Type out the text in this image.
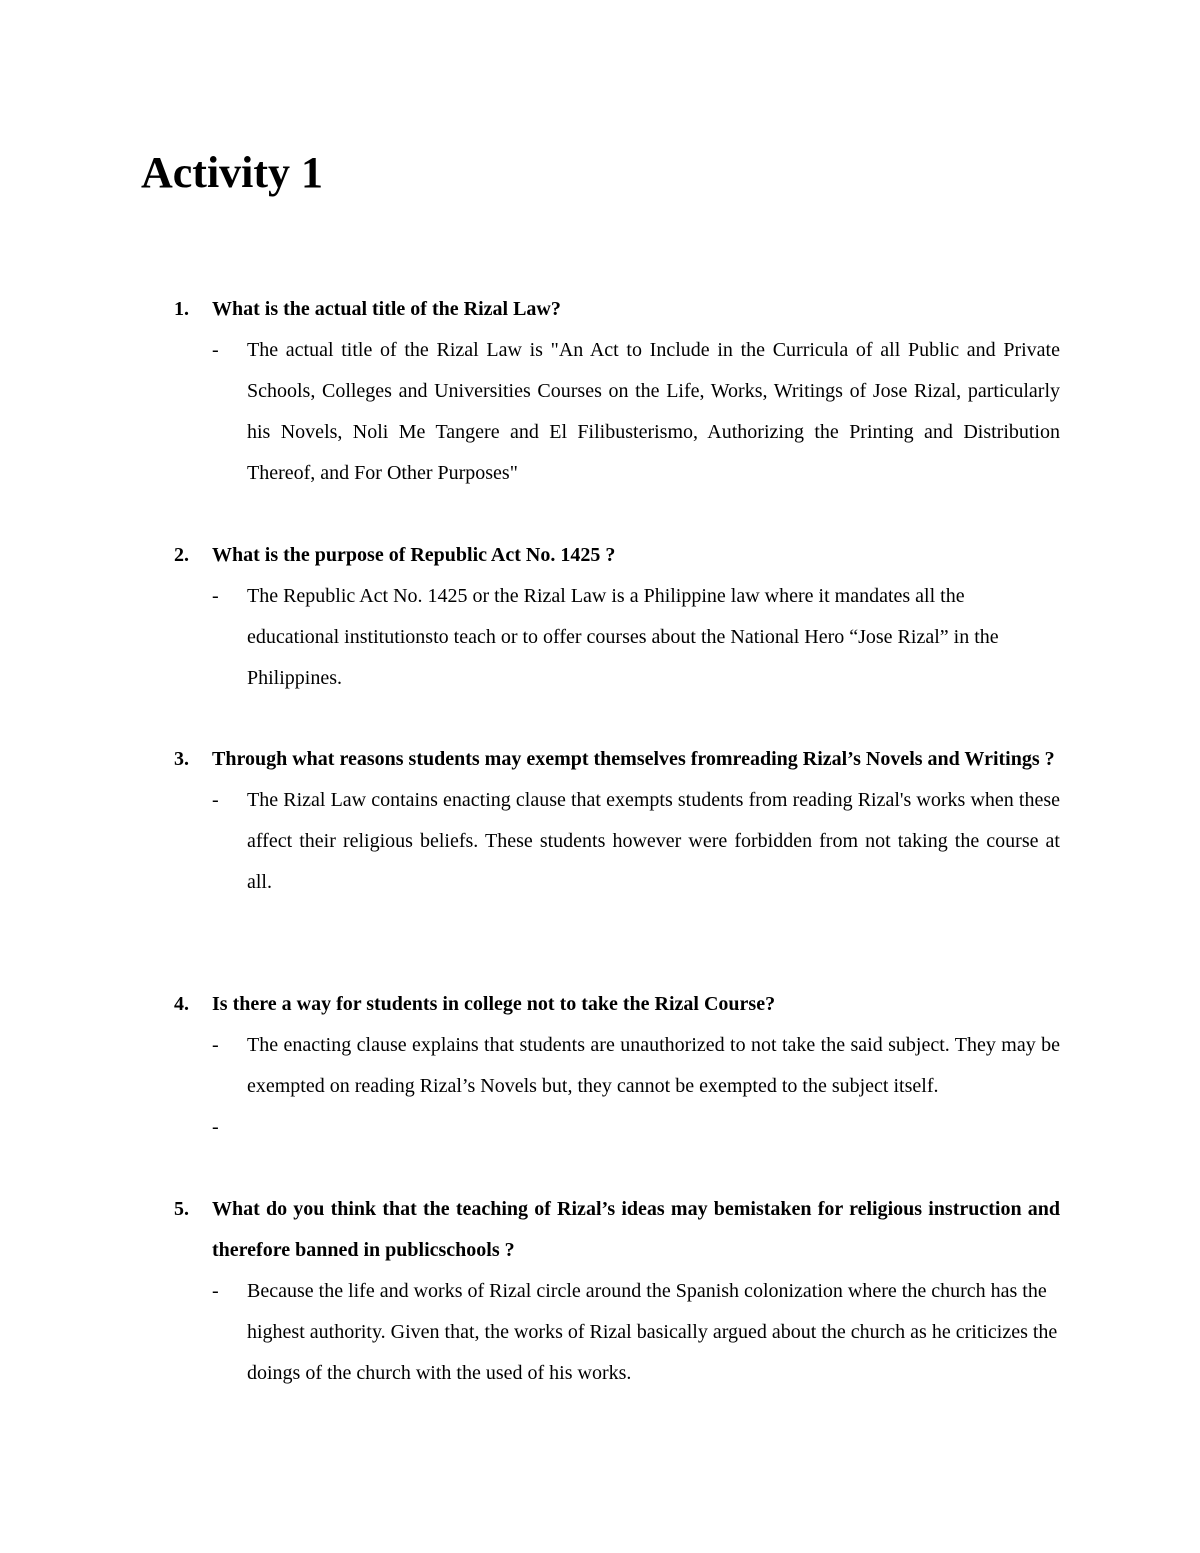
Activity 1
1. What is the actual title of the Rizal Law?
- The actual title of the Rizal Law is "An Act to Include in the Curricula of all Public and Private Schools, Colleges and Universities Courses on the Life, Works, Writings of Jose Rizal, particularly his Novels, Noli Me Tangere and El Filibusterismo, Authorizing the Printing and Distribution Thereof, and For Other Purposes"
2. What is the purpose of Republic Act No. 1425 ?
- The Republic Act No. 1425 or the Rizal Law is a Philippine law where it mandates all the educational institutionsto teach or to offer courses about the National Hero “Jose Rizal” in the Philippines.
3. Through what reasons students may exempt themselves fromreading Rizal’s Novels and Writings ?
- The Rizal Law contains enacting clause that exempts students from reading Rizal's works when these affect their religious beliefs. These students however were forbidden from not taking the course at all.
4. Is there a way for students in college not to take the Rizal Course?
- The enacting clause explains that students are unauthorized to not take the said subject. They may be exempted on reading Rizal’s Novels but, they cannot be exempted to the subject itself.
-
5. What do you think that the teaching of Rizal’s ideas may bemistaken for religious instruction and therefore banned in publicschools ?
- Because the life and works of Rizal circle around the Spanish colonization where the church has the highest authority. Given that, the works of Rizal basically argued about the church as he criticizes the doings of the church with the used of his works.
